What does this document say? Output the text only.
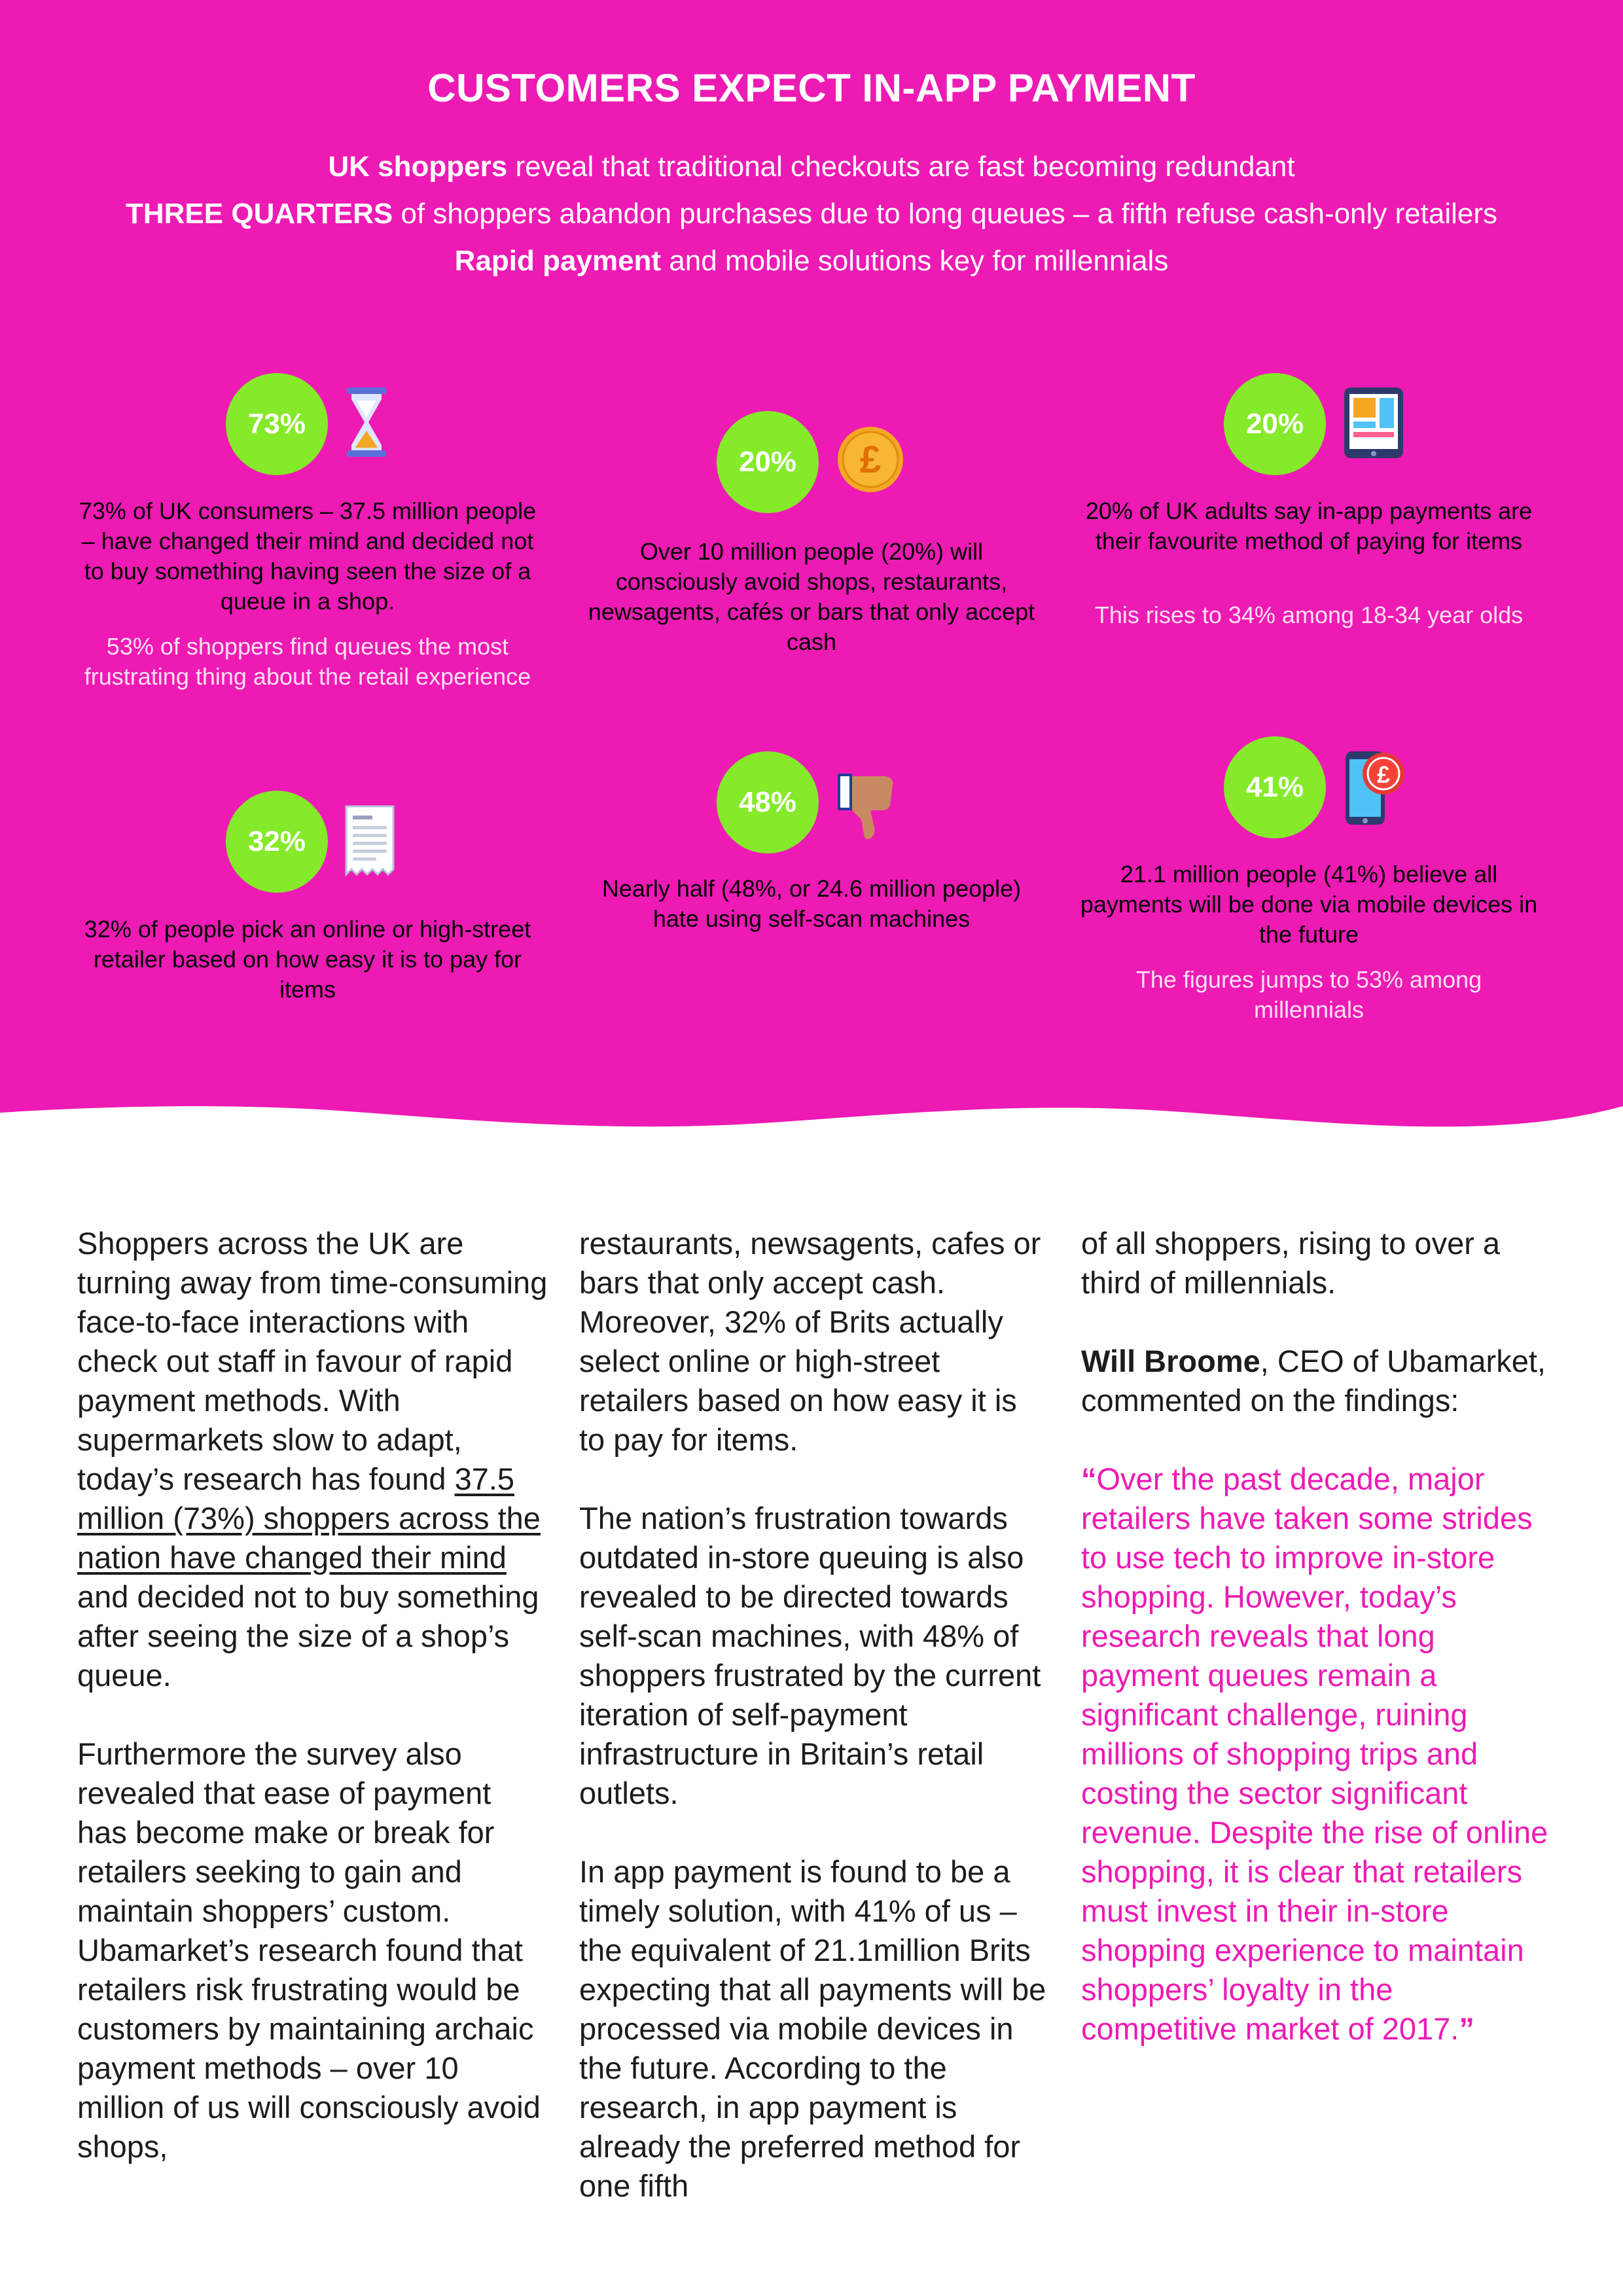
CUSTOMERS EXPECT IN-APP PAYMENT

UK shoppers reveal that traditional checkouts are fast becoming redundant

THREE QUARTERS of shoppers abandon purchases due to long queues – a fifth refuse cash-only retailers

Rapid payment and mobile solutions key for millennials

73%
73% of UK consumers – 37.5 million people – have changed their mind and decided not to buy something having seen the size of a queue in a shop.
53% of shoppers find queues the most frustrating thing about the retail experience
20%	£
Over 10 million people (20%) will consciously avoid shops, restaurants, newsagents, cafés or bars that only accept cash
20%
20% of UK adults say in-app payments are their favourite method of paying for items
This rises to 34% among 18-34 year olds
32%
32% of people pick an online or high-street retailer based on how easy it is to pay for items
48%
Nearly half (48%, or 24.6 million people) hate using self-scan machines
41%	£
21.1 million people (41%) believe all payments will be done via mobile devices in the future
The figures jumps to 53% among millennials

Shoppers across the UK are turning away from time-consuming face-to-face interactions with check out staff in favour of rapid payment methods. With supermarkets slow to adapt, today’s research has found 37.5 million (73%) shoppers across the nation have changed their mind and decided not to buy something after seeing the size of a shop’s queue.

Furthermore the survey also revealed that ease of payment has become make or break for retailers seeking to gain and maintain shoppers’ custom. Ubamarket’s research found that retailers risk frustrating would be customers by maintaining archaic payment methods – over 10 million of us will consciously avoid shops,

restaurants, newsagents, cafes or bars that only accept cash. Moreover, 32% of Brits actually select online or high-street retailers based on how easy it is to pay for items.

The nation’s frustration towards outdated in-store queuing is also revealed to be directed towards self-scan machines, with 48% of shoppers frustrated by the current iteration of self-payment infrastructure in Britain’s retail outlets.

In app payment is found to be a timely solution, with 41% of us – the equivalent of 21.1million Brits expecting that all payments will be processed via mobile devices in the future. According to the research, in app payment is already the preferred method for one fifth

of all shoppers, rising to over a third of millennials.

Will Broome, CEO of Ubamarket, commented on the findings:

“Over the past decade, major retailers have taken some strides to use tech to improve in-store shopping. However, today’s research reveals that long payment queues remain a significant challenge, ruining millions of shopping trips and costing the sector significant revenue. Despite the rise of online shopping, it is clear that retailers must invest in their in-store shopping experience to maintain shoppers’ loyalty in the competitive market of 2017.”
